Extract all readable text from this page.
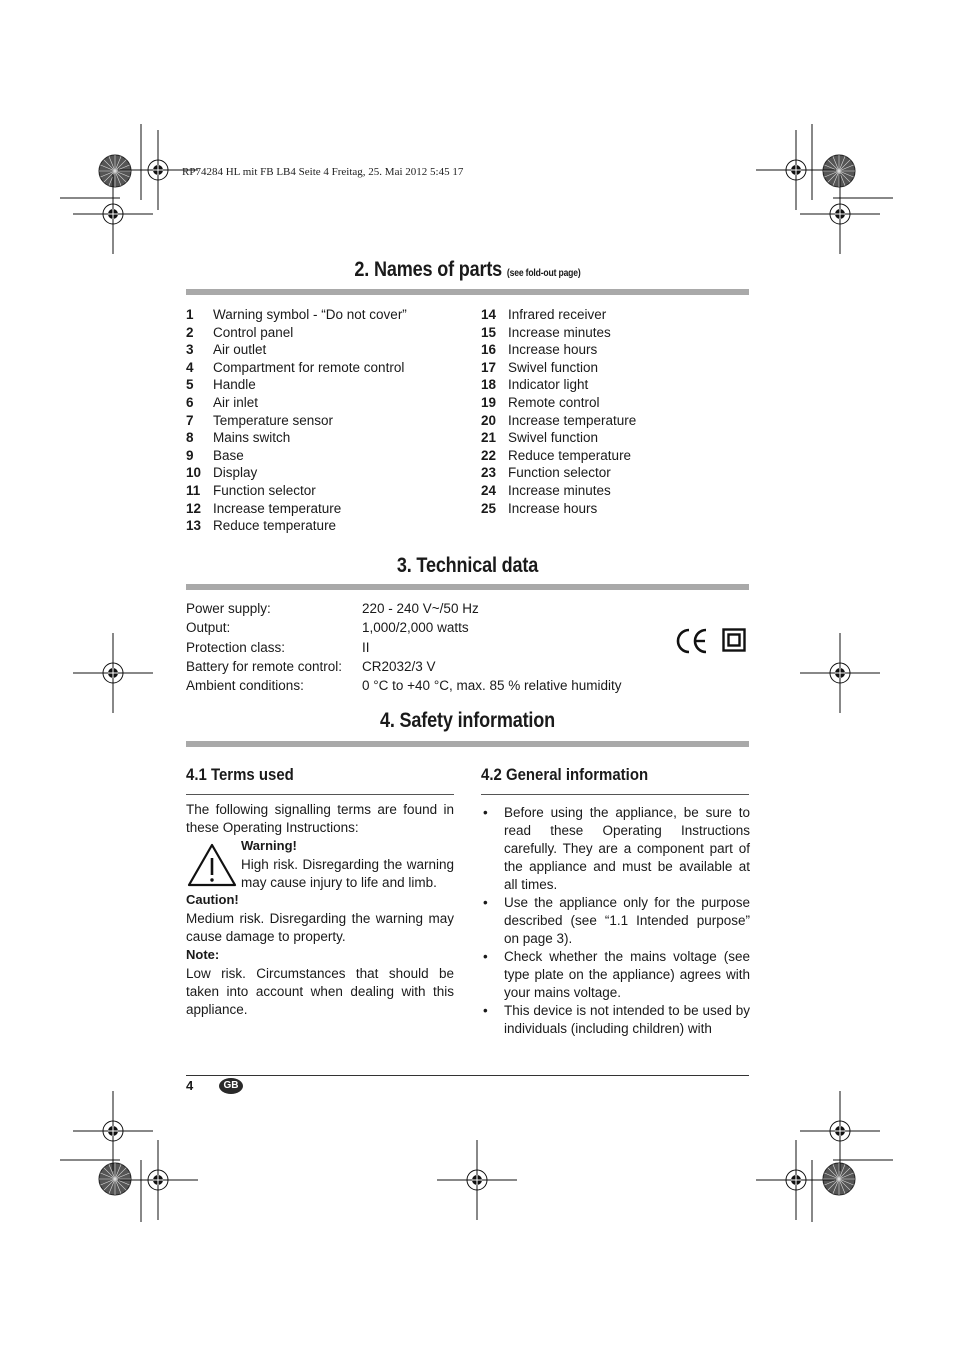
RP74284 HL mit FB LB4 Seite 4 Freitag, 25. Mai 2012 5:45 17
2. Names of parts (see fold-out page)
1 Warning symbol - “Do not cover”
2 Control panel
3 Air outlet
4 Compartment for remote control
5 Handle
6 Air inlet
7 Temperature sensor
8 Mains switch
9 Base
10 Display
11 Function selector
12 Increase temperature
13 Reduce temperature
14 Infrared receiver
15 Increase minutes
16 Increase hours
17 Swivel function
18 Indicator light
19 Remote control
20 Increase temperature
21 Swivel function
22 Reduce temperature
23 Function selector
24 Increase minutes
25 Increase hours
3. Technical data
Power supply:	220 - 240 V~/50 Hz
Output:	1,000/2,000 watts
Protection class:	II
Battery for remote control: CR2032/3 V
Ambient conditions:	0 °C to +40 °C, max. 85 % relative humidity
4. Safety information
4.1 Terms used
The following signalling terms are found in these Operating Instructions:
Warning!
High risk. Disregarding the warning may cause injury to life and limb.
Caution!
Medium risk. Disregarding the warning may cause damage to property.
Note:
Low risk. Circumstances that should be taken into account when dealing with this appliance.
4.2 General information
• Before using the appliance, be sure to read these Operating Instructions carefully. They are a component part of the appliance and must be available at all times.
• Use the appliance only for the purpose described (see “1.1 Intended purpose” on page 3).
• Check whether the mains voltage (see type plate on the appliance) agrees with your mains voltage.
• This device is not intended to be used by individuals (including children) with
4	GB
